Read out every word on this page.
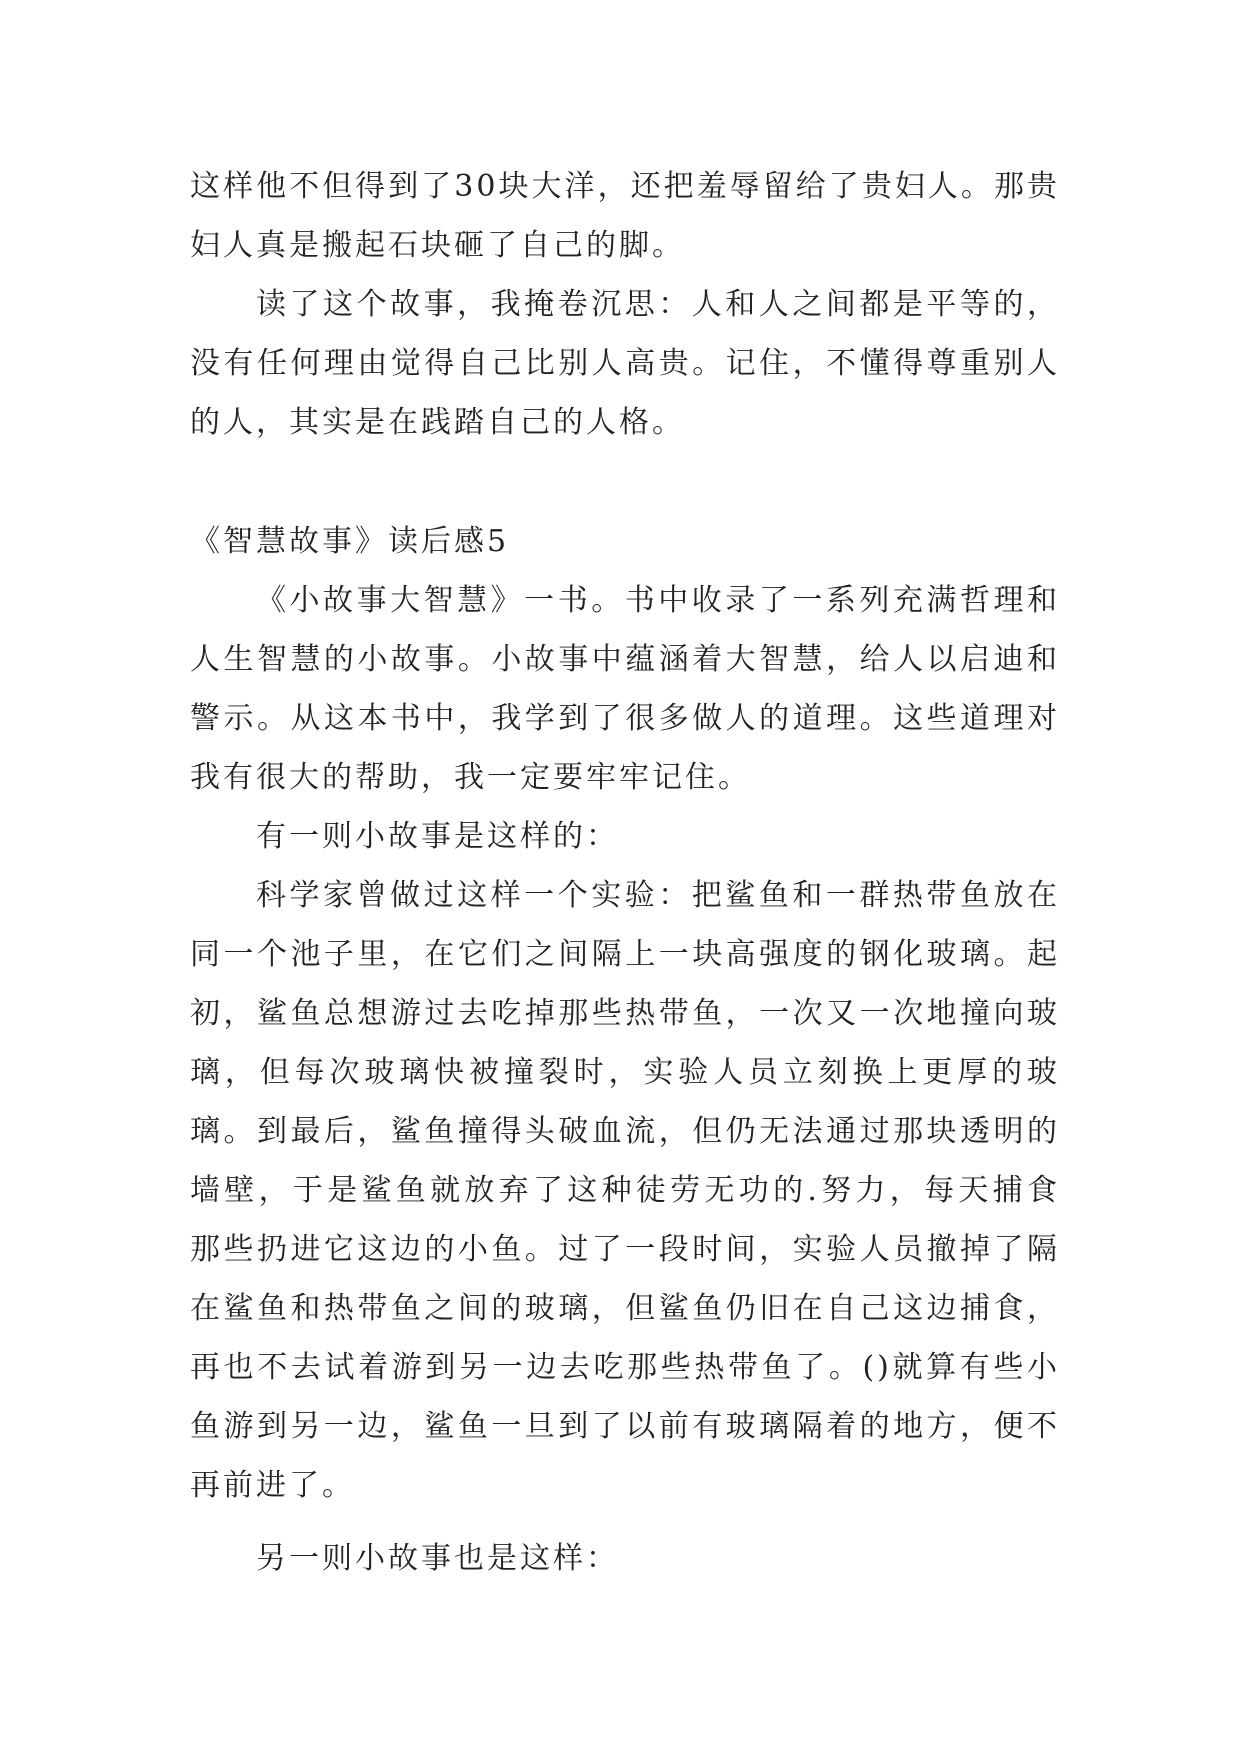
这样他不但得到了30块大洋，还把羞辱留给了贵妇人。那贵妇人真是搬起石块砸了自己的脚。

读了这个故事，我掩卷沉思：人和人之间都是平等的，没有任何理由觉得自己比别人高贵。记住，不懂得尊重别人的人，其实是在践踏自己的人格。

《智慧故事》读后感5

《小故事大智慧》一书。书中收录了一系列充满哲理和人生智慧的小故事。小故事中蕴涵着大智慧，给人以启迪和警示。从这本书中，我学到了很多做人的道理。这些道理对我有很大的帮助，我一定要牢牢记住。

有一则小故事是这样的：

科学家曾做过这样一个实验：把鲨鱼和一群热带鱼放在同一个池子里，在它们之间隔上一块高强度的钢化玻璃。起初，鲨鱼总想游过去吃掉那些热带鱼，一次又一次地撞向玻璃，但每次玻璃快被撞裂时，实验人员立刻换上更厚的玻璃。到最后，鲨鱼撞得头破血流，但仍无法通过那块透明的墙壁，于是鲨鱼就放弃了这种徒劳无功的.努力，每天捕食那些扔进它这边的小鱼。过了一段时间，实验人员撤掉了隔在鲨鱼和热带鱼之间的玻璃，但鲨鱼仍旧在自己这边捕食，再也不去试着游到另一边去吃那些热带鱼了。()就算有些小鱼游到另一边，鲨鱼一旦到了以前有玻璃隔着的地方，便不再前进了。

另一则小故事也是这样：
